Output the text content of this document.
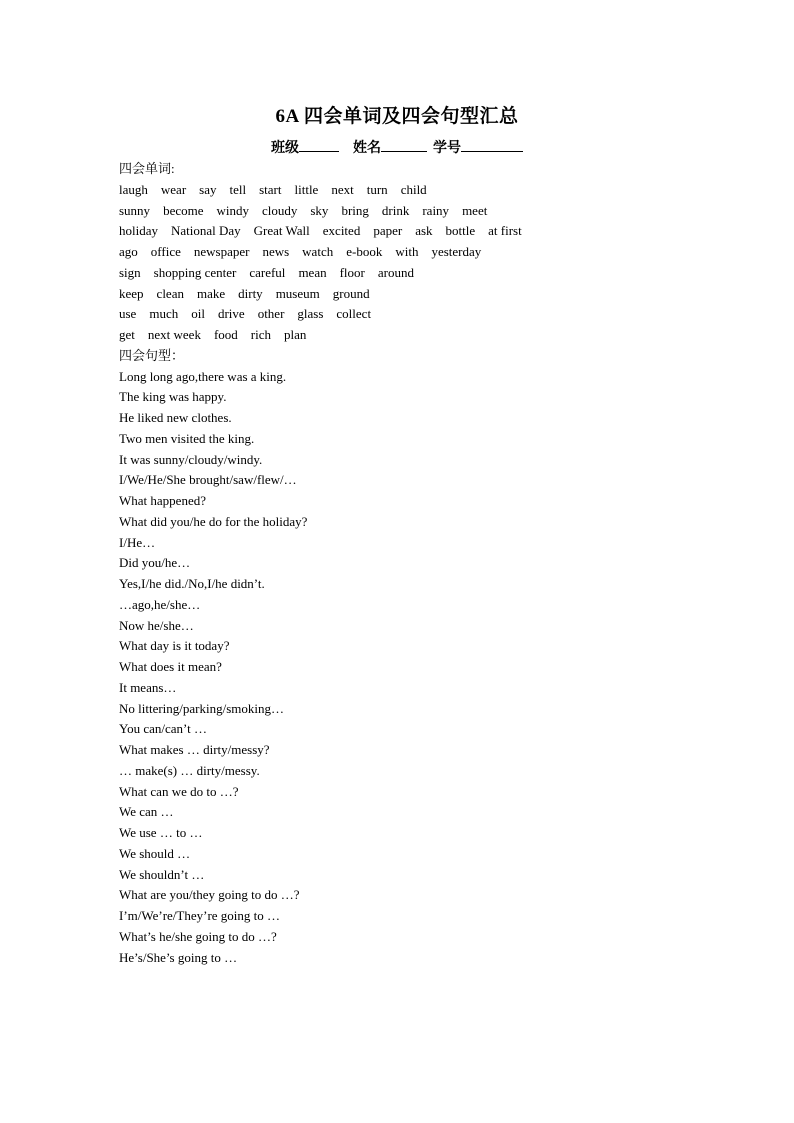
6A 四会单词及四会句型汇总
班级	姓名	学号
四会单词:
laugh wear say tell start little next turn child
sunny become windy cloudy sky bring drink rainy meet
holiday National Day Great Wall excited paper ask bottle at first
ago office newspaper news watch e-book with yesterday
sign shopping center careful mean floor around
keep clean make dirty museum ground
use much oil drive other glass collect
get next week food rich plan
四会句型：
Long long ago,there was a king.
The king was happy.
He liked new clothes.
Two men visited the king.
It was sunny/cloudy/windy.
I/We/He/She brought/saw/flew/…
What happened?
What did you/he do for the holiday?
I/He…
Did you/he…
Yes,I/he did./No,I/he didn’t.
…ago,he/she…
Now he/she…
What day is it today?
What does it mean?
It means…
No littering/parking/smoking…
You can/can’t …
What makes … dirty/messy?
… make(s) … dirty/messy.
What can we do to …?
We can …
We use … to …
We should …
We shouldn’t …
What are you/they going to do …?
I’m/We’re/They’re going to …
What’s he/she going to do …?
He’s/She’s going to …
